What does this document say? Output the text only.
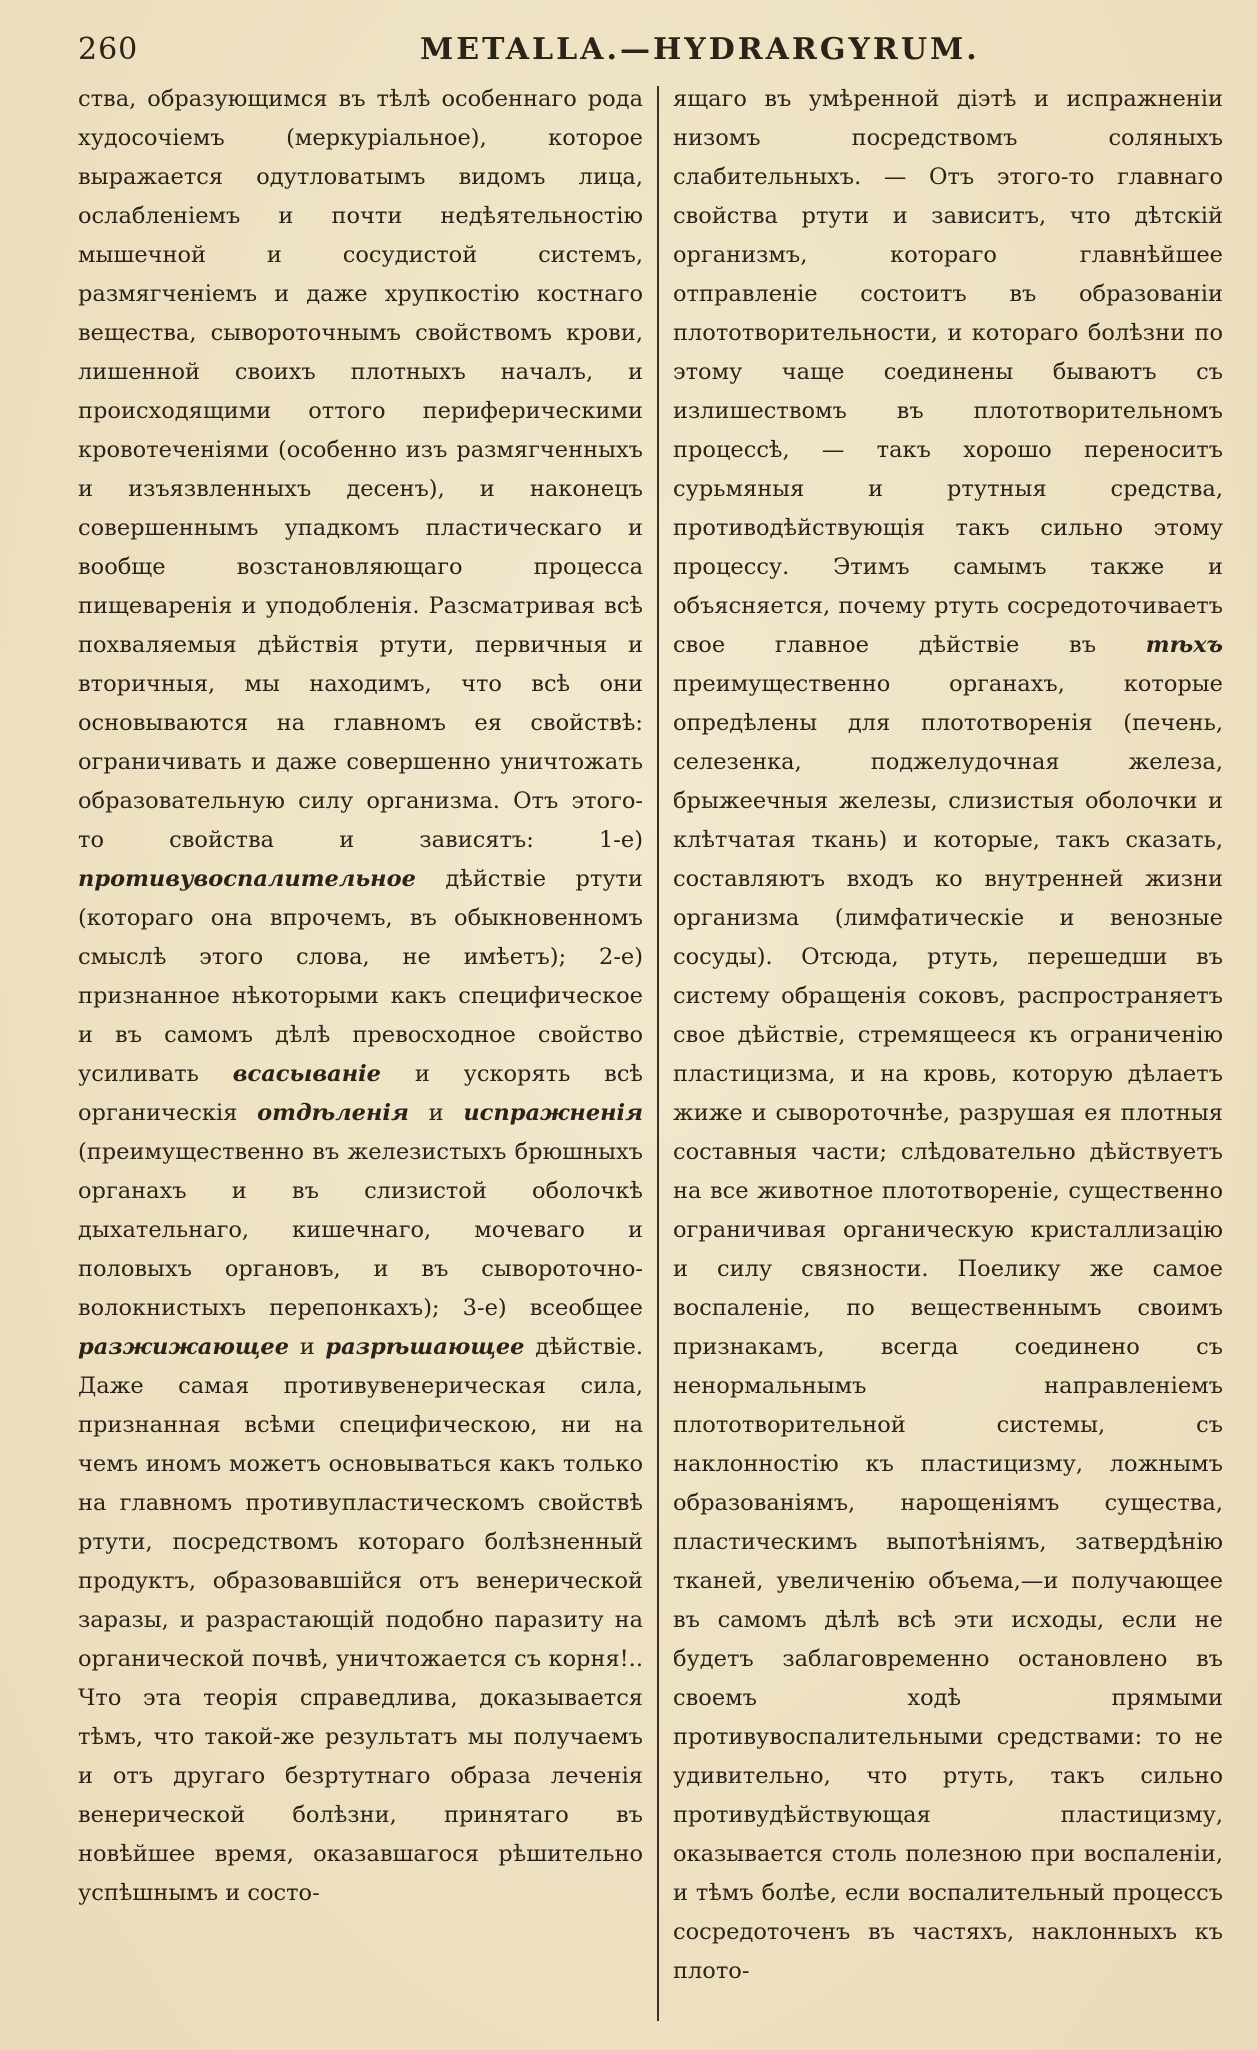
260	METALLA.—HYDRARGYRUM.

ства, образующимся въ тѣлѣ особеннаго рода худосочіемъ (меркуріальное), которое выражается одутловатымъ видомъ лица, ослабленіемъ и почти недѣятельностію мышечной и сосудистой системъ, размягченіемъ и даже хрупкостію костнаго вещества, сывороточнымъ свойствомъ крови, лишенной своихъ плотныхъ началъ, и происходящими оттого периферическими кровотеченіями (особенно изъ размягченныхъ и изъязвленныхъ десенъ), и наконецъ совершеннымъ упадкомъ пластическаго и вообще возстановляющаго процесса пищеваренія и уподобленія. Разсматривая всѣ похваляемыя дѣйствія ртути, первичныя и вторичныя, мы находимъ, что всѣ они основываются на главномъ ея свойствѣ: ограничивать и даже совершенно уничтожать образовательную силу организма. Отъ этого-то свойства и зависятъ:	1-е) противувоспалительное дѣйствіе ртути (котораго она впрочемъ, въ обыкновенномъ смыслѣ этого слова, не имѣетъ); 2-е) признанное нѣкоторыми какъ специфическое и въ самомъ дѣлѣ превосходное свойство усиливать всасываніе и ускорять всѣ органическія отдѣленія и испражненія (преимущественно въ железистыхъ брюшныхъ органахъ и въ слизистой оболочкѣ дыхательнаго, кишечнаго, мочеваго и половыхъ органовъ, и въ сывороточно-волокнистыхъ перепонкахъ); 3-е) всеобщее разжижающее и разрѣшающее дѣйствіе. Даже самая противувенерическая сила, признанная всѣми специфическою, ни на чемъ иномъ можетъ основываться какъ только на главномъ противупластическомъ свойствѣ ртути, посредствомъ котораго болѣзненный продуктъ, образовавшійся отъ венерической заразы, и разрастающій подобно паразиту на органической почвѣ, уничтожается съ корня!.. Что эта теорія справедлива, доказывается тѣмъ, что такой-же результатъ мы получаемъ и отъ другаго безртутнаго образа леченія венерической болѣзни, принятаго въ новѣйшее время, оказавшагося рѣшительно успѣшнымъ и состо-

ящаго въ умѣренной діэтѣ и испражненіи низомъ посредствомъ соляныхъ слабительныхъ. — Отъ этого-то главнаго свойства ртути и зависитъ, что дѣтскій организмъ, котораго главнѣйшее отправленіе состоитъ въ образованіи плототворительности, и котораго болѣзни по этому чаще соединены бываютъ съ излишествомъ въ плототворительномъ процессѣ, — такъ хорошо переноситъ сурьмяныя и ртутныя средства, противодѣйствующія такъ сильно этому процессу. Этимъ самымъ также и объясняется, почему ртуть сосредоточиваетъ свое главное дѣйствіе въ тѣхъ преимущественно органахъ, которые опредѣлены для плототворенія (печень, селезенка, поджелудочная железа, брыжеечныя железы, слизистыя оболочки и клѣтчатая ткань) и которые, такъ сказать, составляютъ входъ ко внутренней жизни организма (лимфатическіе и венозные сосуды). Отсюда, ртуть, перешедши въ систему обращенія соковъ, распространяетъ свое дѣйствіе, стремящееся къ ограниченію пластицизма, и на кровь, которую дѣлаетъ жиже и сывороточнѣе, разрушая ея плотныя составныя части; слѣдовательно дѣйствуетъ на все животное плототвореніе, существенно ограничивая органическую кристаллизацію и силу связности. Поелику же самое воспаленіе, по вещественнымъ своимъ признакамъ, всегда соединено съ ненормальнымъ направленіемъ плототворительной системы, съ наклонностію къ пластицизму, ложнымъ образованіямъ, нарощеніямъ существа, пластическимъ выпотѣніямъ, затвердѣнію тканей, увеличенію объема,—и получающее въ самомъ дѣлѣ всѣ эти исходы, если не будетъ заблаговременно остановлено въ своемъ ходѣ прямыми противувоспалительными средствами: то не удивительно, что ртуть, такъ сильно противудѣйствующая пластицизму, оказывается столь полезною при воспаленіи, и тѣмъ болѣе, если воспалительный процессъ сосредоточенъ въ частяхъ, наклонныхъ къ плото-
